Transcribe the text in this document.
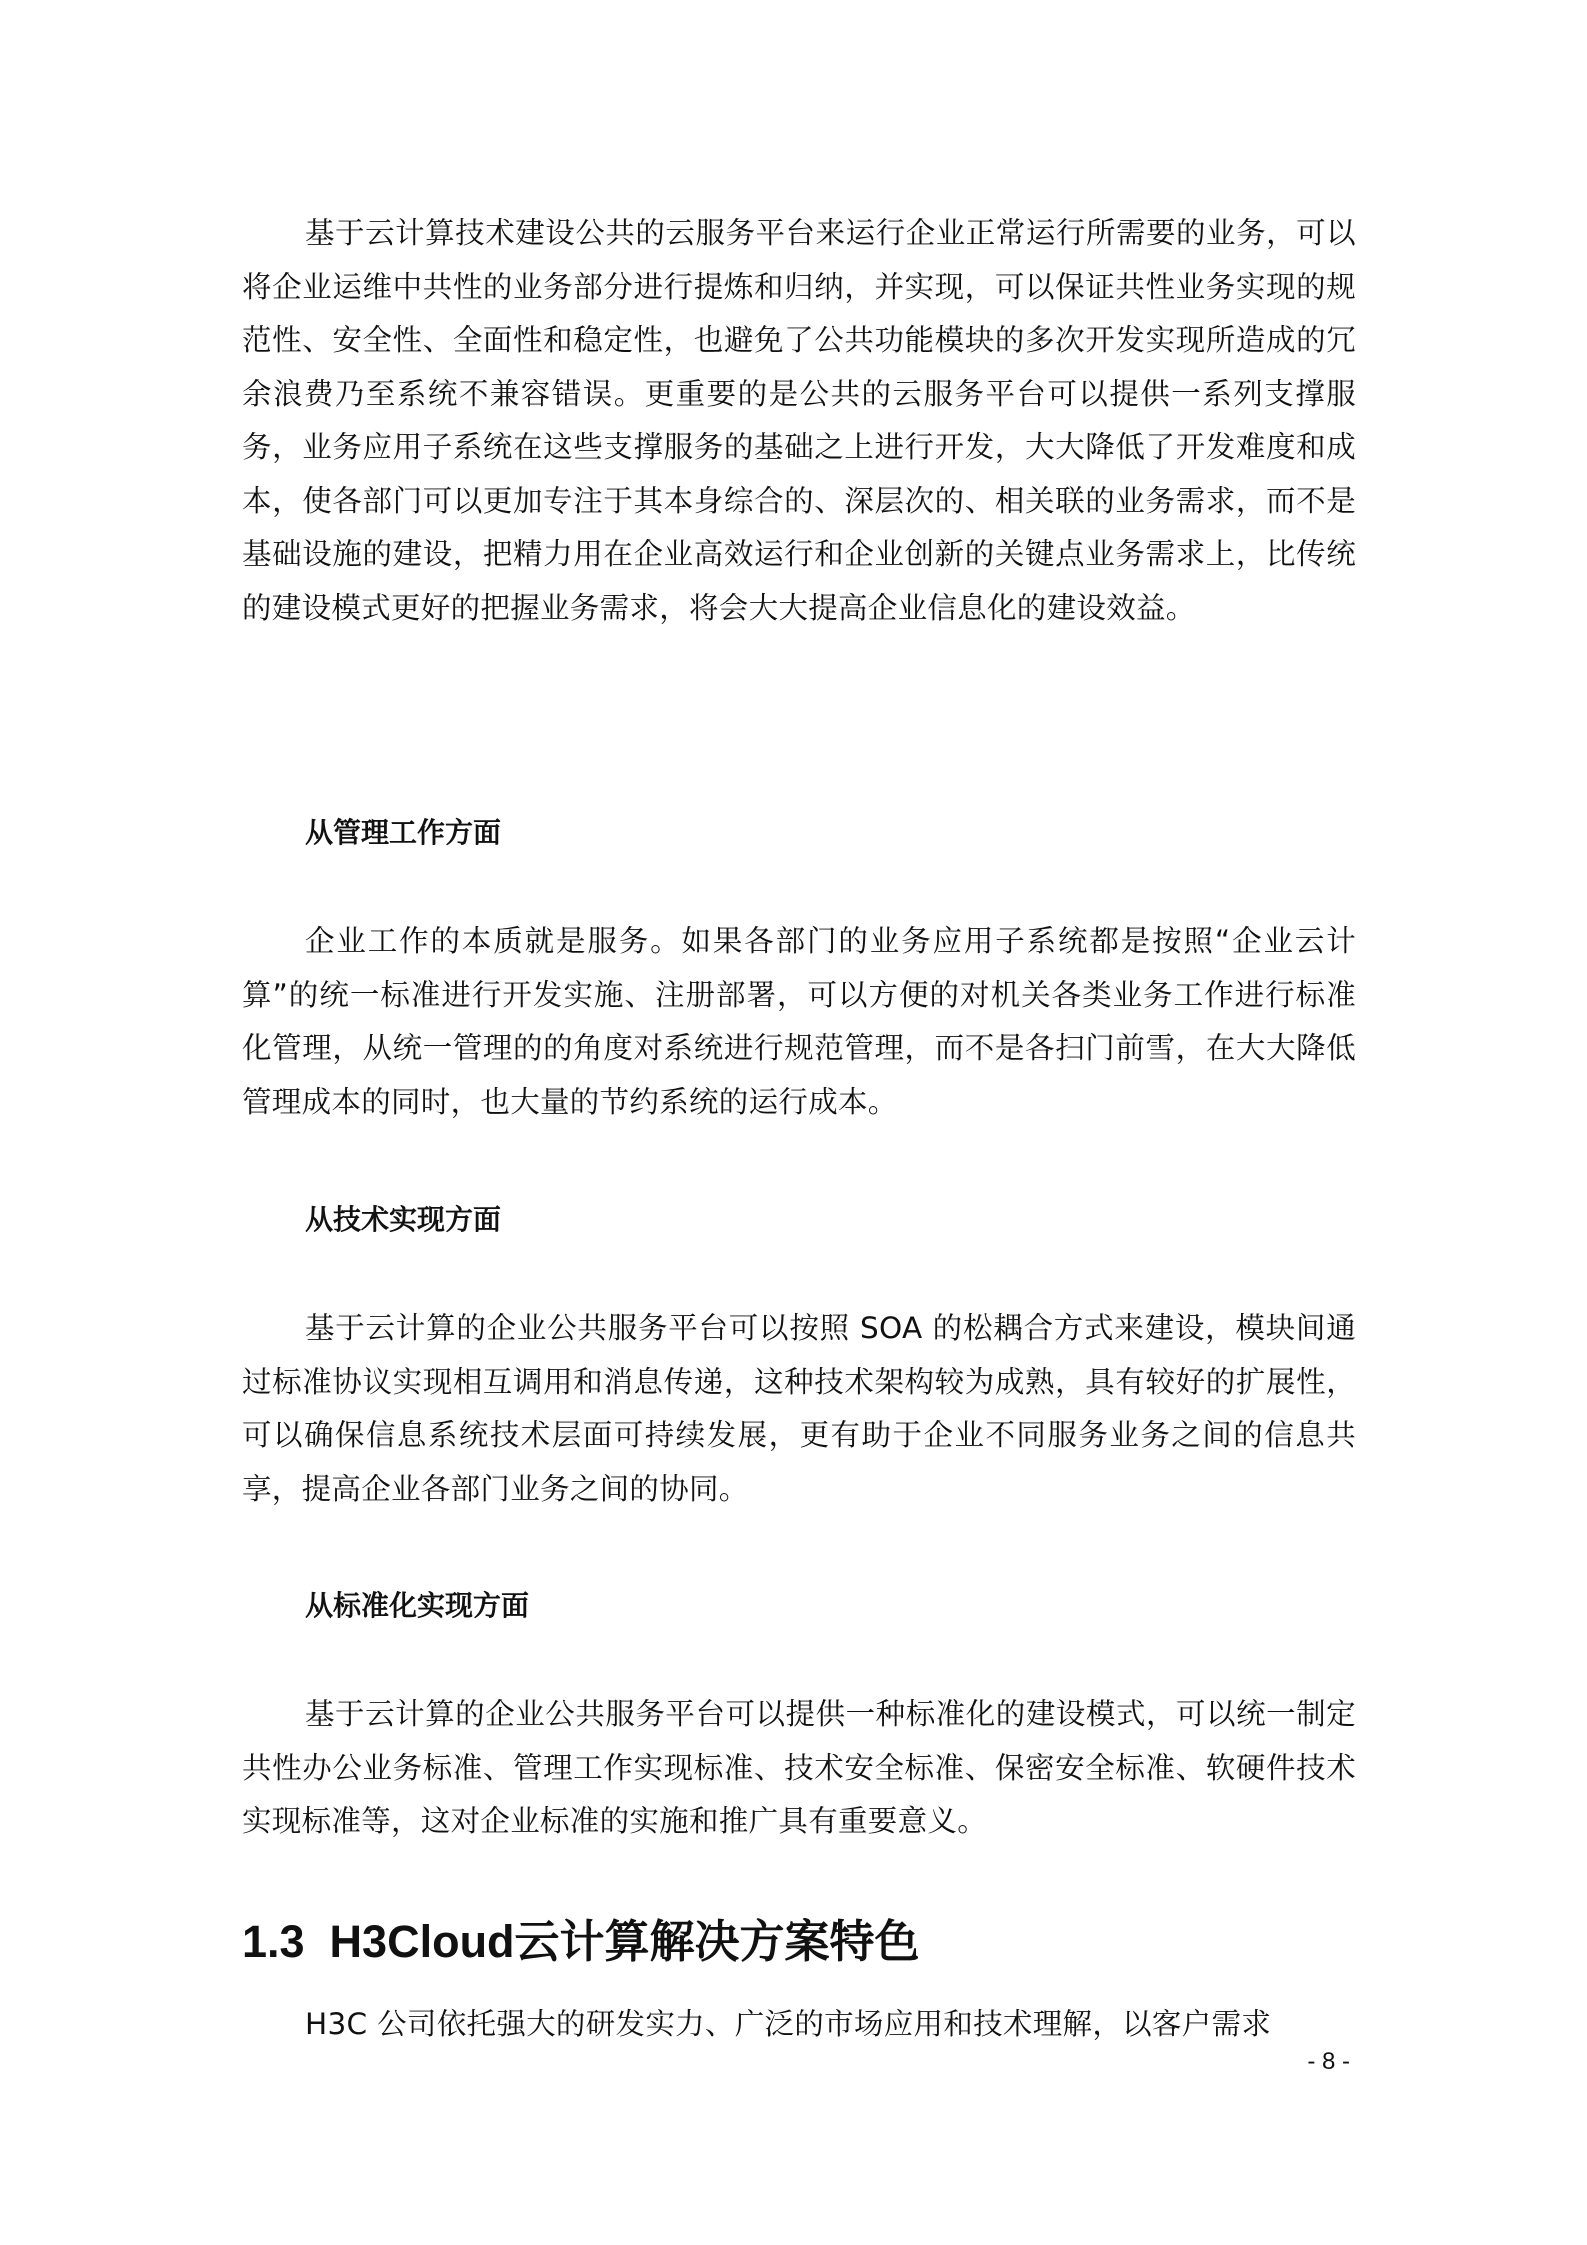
基于云计算技术建设公共的云服务平台来运行企业正常运行所需要的业务，可以将企业运维中共性的业务部分进行提炼和归纳，并实现，可以保证共性业务实现的规范性、安全性、全面性和稳定性，也避免了公共功能模块的多次开发实现所造成的冗余浪费乃至系统不兼容错误。更重要的是公共的云服务平台可以提供一系列支撑服务，业务应用子系统在这些支撑服务的基础之上进行开发，大大降低了开发难度和成本，使各部门可以更加专注于其本身综合的、深层次的、相关联的业务需求，而不是基础设施的建设，把精力用在企业高效运行和企业创新的关键点业务需求上，比传统的建设模式更好的把握业务需求，将会大大提高企业信息化的建设效益。

从管理工作方面

企业工作的本质就是服务。如果各部门的业务应用子系统都是按照“企业云计算”的统一标准进行开发实施、注册部署，可以方便的对机关各类业务工作进行标准化管理，从统一管理的的角度对系统进行规范管理，而不是各扫门前雪，在大大降低管理成本的同时，也大量的节约系统的运行成本。

从技术实现方面

基于云计算的企业公共服务平台可以按照 SOA 的松耦合方式来建设，模块间通过标准协议实现相互调用和消息传递，这种技术架构较为成熟，具有较好的扩展性，可以确保信息系统技术层面可持续发展，更有助于企业不同服务业务之间的信息共享，提高企业各部门业务之间的协同。

从标准化实现方面

基于云计算的企业公共服务平台可以提供一种标准化的建设模式，可以统一制定共性办公业务标准、管理工作实现标准、技术安全标准、保密安全标准、软硬件技术实现标准等，这对企业标准的实施和推广具有重要意义。

1.3  H3Cloud云计算解决方案特色

H3C 公司依托强大的研发实力、广泛的市场应用和技术理解，以客户需求

- 8 -
